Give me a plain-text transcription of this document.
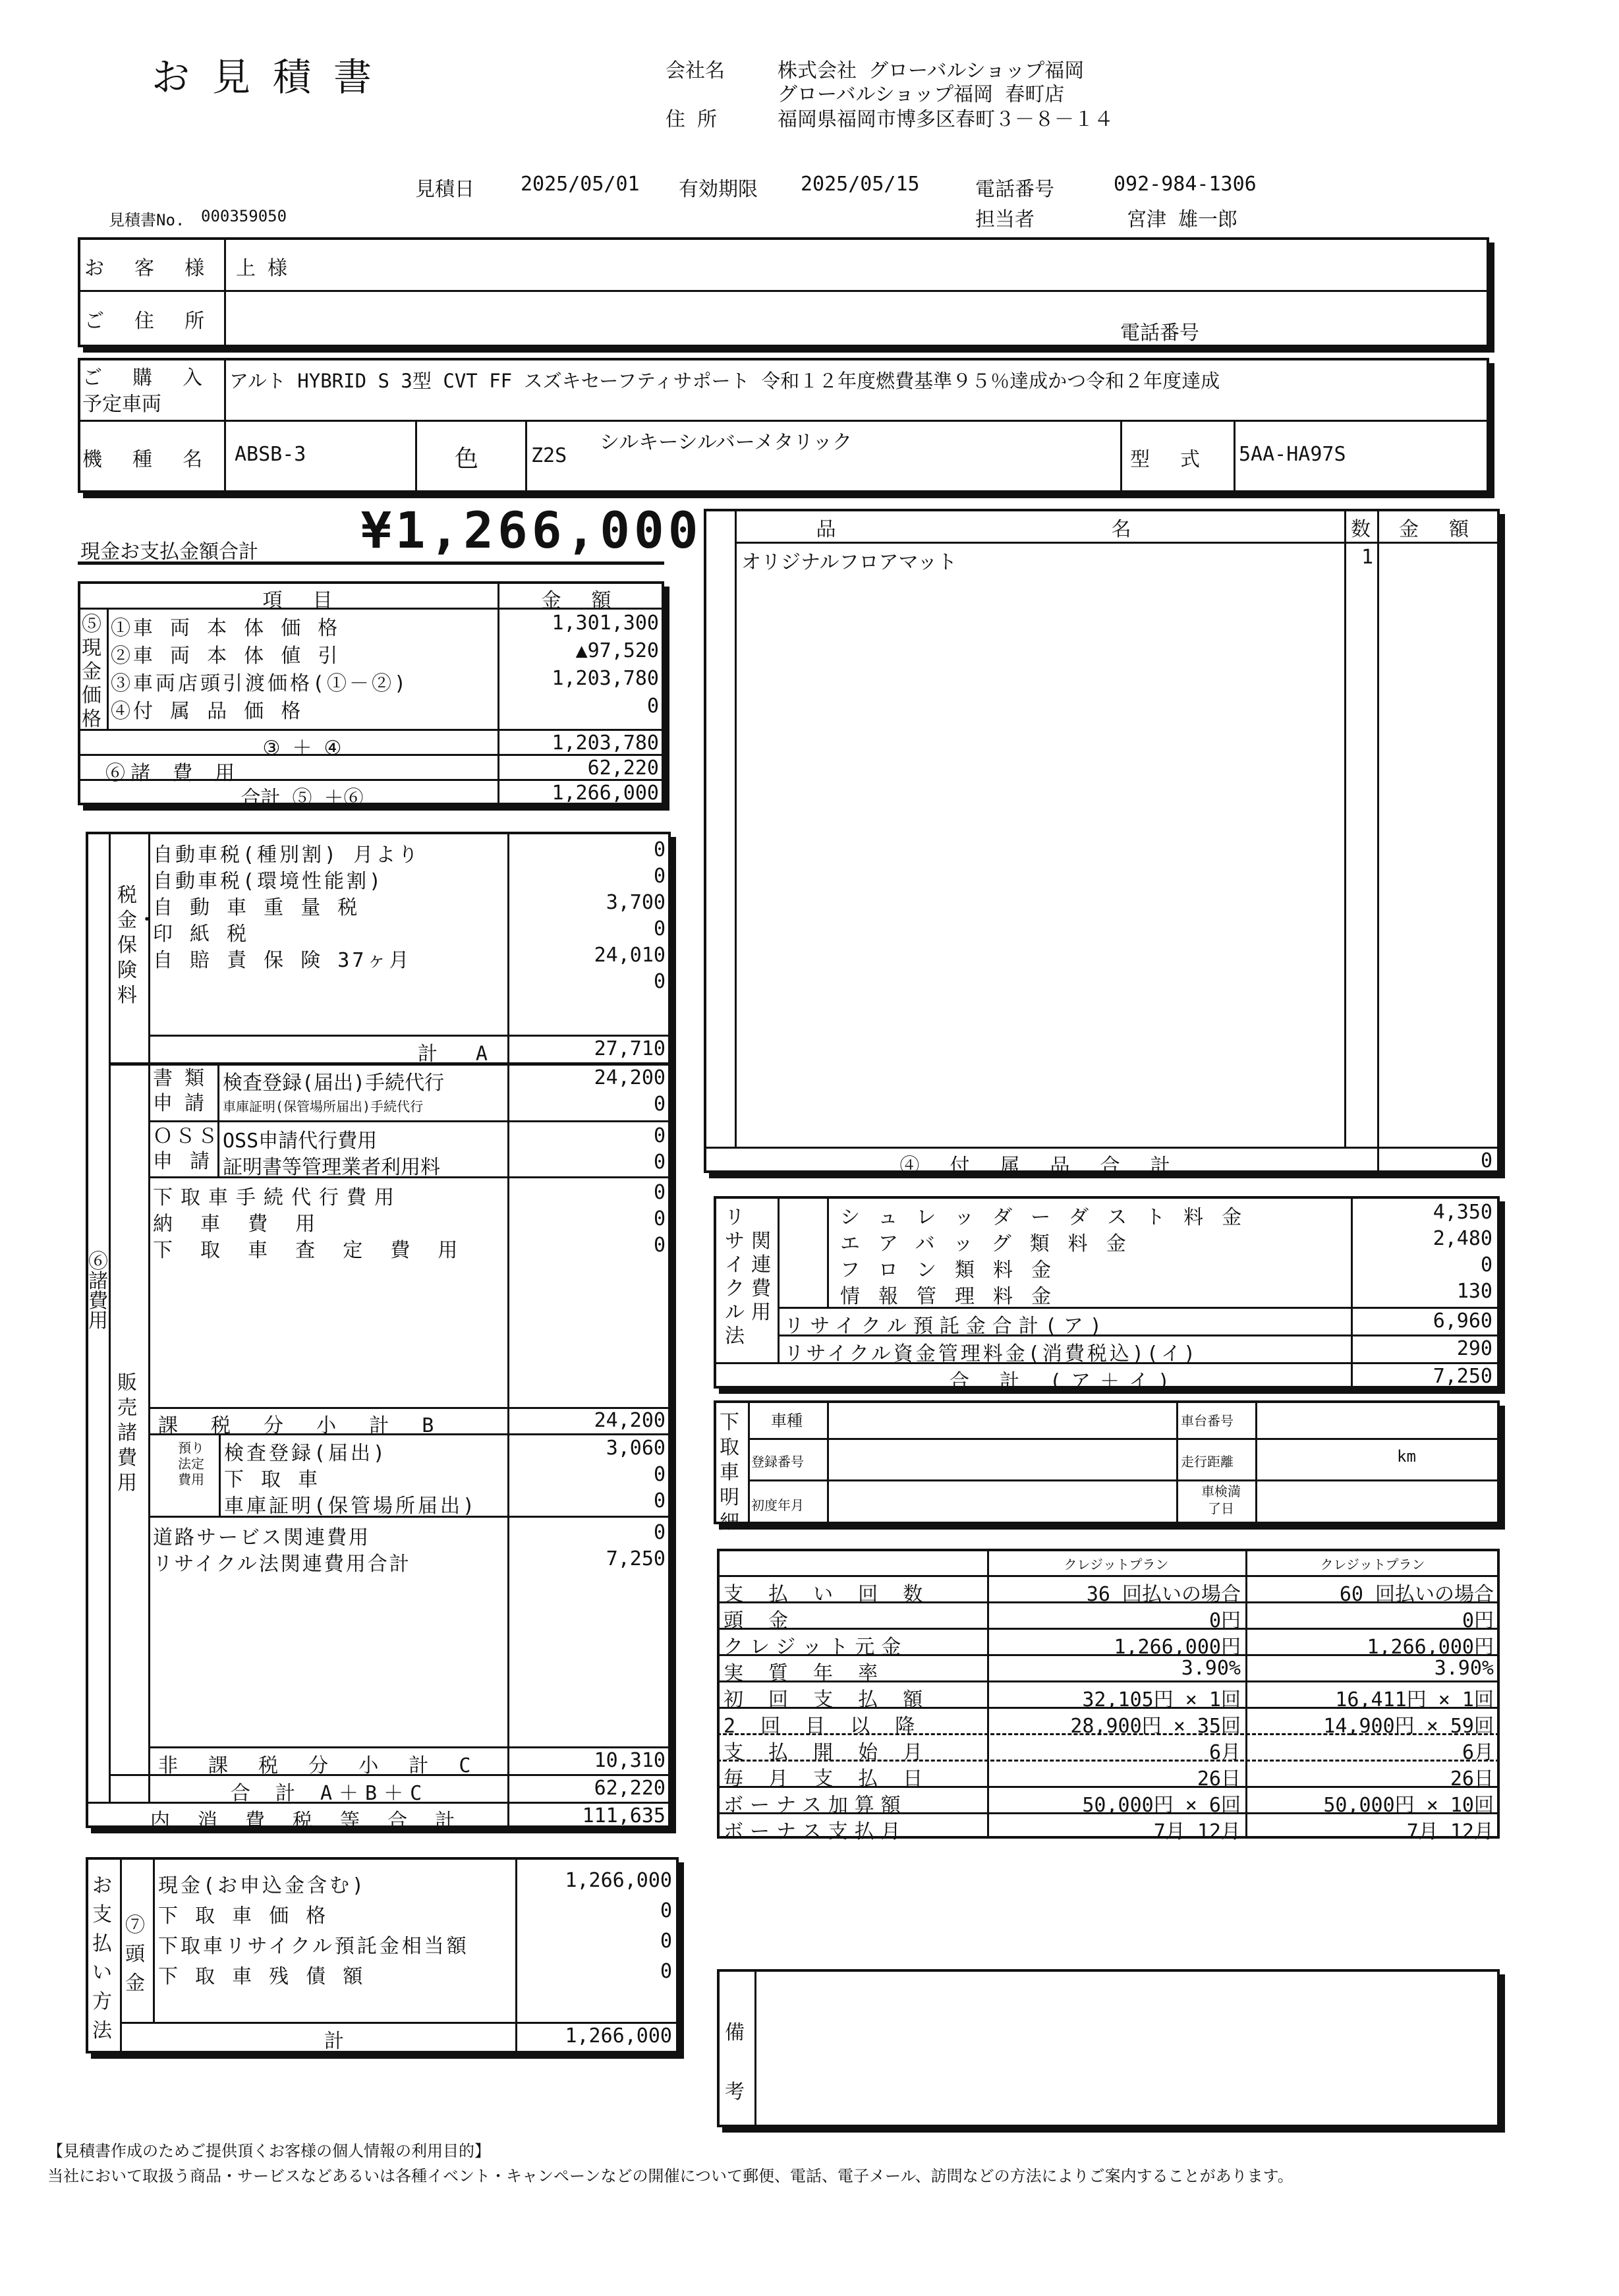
お見積書	会社名	株式会社 グローバルショップ福岡
グローバルショップ福岡 春町店
住 所	福岡県福岡市博多区春町３－８－１４
見積日 2025/05/01 有効期限 2025/05/15	電話番号	092-984-1306
見積書No. 000359050	担当者	宮津 雄一郎
お 客 様 上 様
ご 住 所
電話番号
ご 購 入
予定車両
アルト HYBRID S 3型 CVT FF スズキセーフティサポート 令和１２年度燃費基準９５％達成かつ令和２年度達成
機 種 名 ABSB-3	色	Z2S
シルキーシルバーメタリック
型 式 5AA-HA97S
現金お支払金額合計 ¥1,266,000
項 目	金 額
⑤現金価格
①車 両 本 体 価 格	1,301,300
②車 両 本 体 値 引	▲97,520
③車両店頭引渡価格(①－②)	1,203,780
④付 属 品 価 格	0
③ ＋ ④	1,203,780
⑥諸 費 用	62,220
合計 ⑤ ＋⑥	1,266,000
⑥諸費用
税金・保険料
販売諸費用
自動車税(種別割) 月より	0
自動車税(環境性能割)	0
自 動 車 重 量 税	3,700
印 紙 税	0
自 賠 責 保 険 37ヶ月	24,010
0
計 A	27,710
書 類
申 請
検査登録(届出)手続代行	24,200
車庫証明(保管場所届出)手続代行	0
ＯＳＳ
申 請
OSS申請代行費用	0
証明書等管理業者利用料	0
下取車手続代行費用	0
納 車 費 用	0
下 取 車 査 定 費 用	0
課 税 分 小 計 B	24,200
預り法定費用
検査登録(届出)	3,060
下 取 車	0
車庫証明(保管場所届出)	0
道路サービス関連費用	0
リサイクル法関連費用合計	7,250
非 課 税 分 小 計 C	10,310
合 計 A＋B＋C	62,220
内 消 費 税 等 合 計	111,635
お支払い方法
⑦頭金
現金(お申込金含む)	1,266,000
下 取 車 価 格	0
下取車リサイクル預託金相当額	0
下 取 車 残 債 額	0
計	1,266,000
品 名	数	金 額
オリジナルフロアマット	1
④ 付 属 品 合 計	0
リサイクル法
関連費用
シュレッダーダスト料金	4,350
エアバッグ類料金	2,480
フロン類料金	0
情報管理料金	130
リサイクル預託金合計(ア)	6,960
リサイクル資金管理料金(消費税込)(イ)	290
合 計 (ア＋イ)	7,250
下取車明細
車種	車台番号
登録番号	走行距離	km
初度年月
車検満了日
クレジットプラン	クレジットプラン
支 払 い 回 数	36 回払いの場合	60 回払いの場合
頭 金	0円	0円
クレジット元金	1,266,000円	1,266,000円
実 質 年 率	3.90%	3.90%
初 回 支 払 額	32,105円 × 1回	16,411円 × 1回
2 回 目 以 降	28,900円 × 35回	14,900円 × 59回
支 払 開 始 月	6月	6月
毎 月 支 払 日	26日	26日
ボーナス加算額	50,000円 × 6回	50,000円 × 10回
ボーナス支払月	7月 12月	7月 12月
備考
【見積書作成のためご提供頂くお客様の個人情報の利用目的】
当社において取扱う商品・サービスなどあるいは各種イベント・キャンペーンなどの開催について郵便、電話、電子メール、訪問などの方法によりご案内することがあります。
